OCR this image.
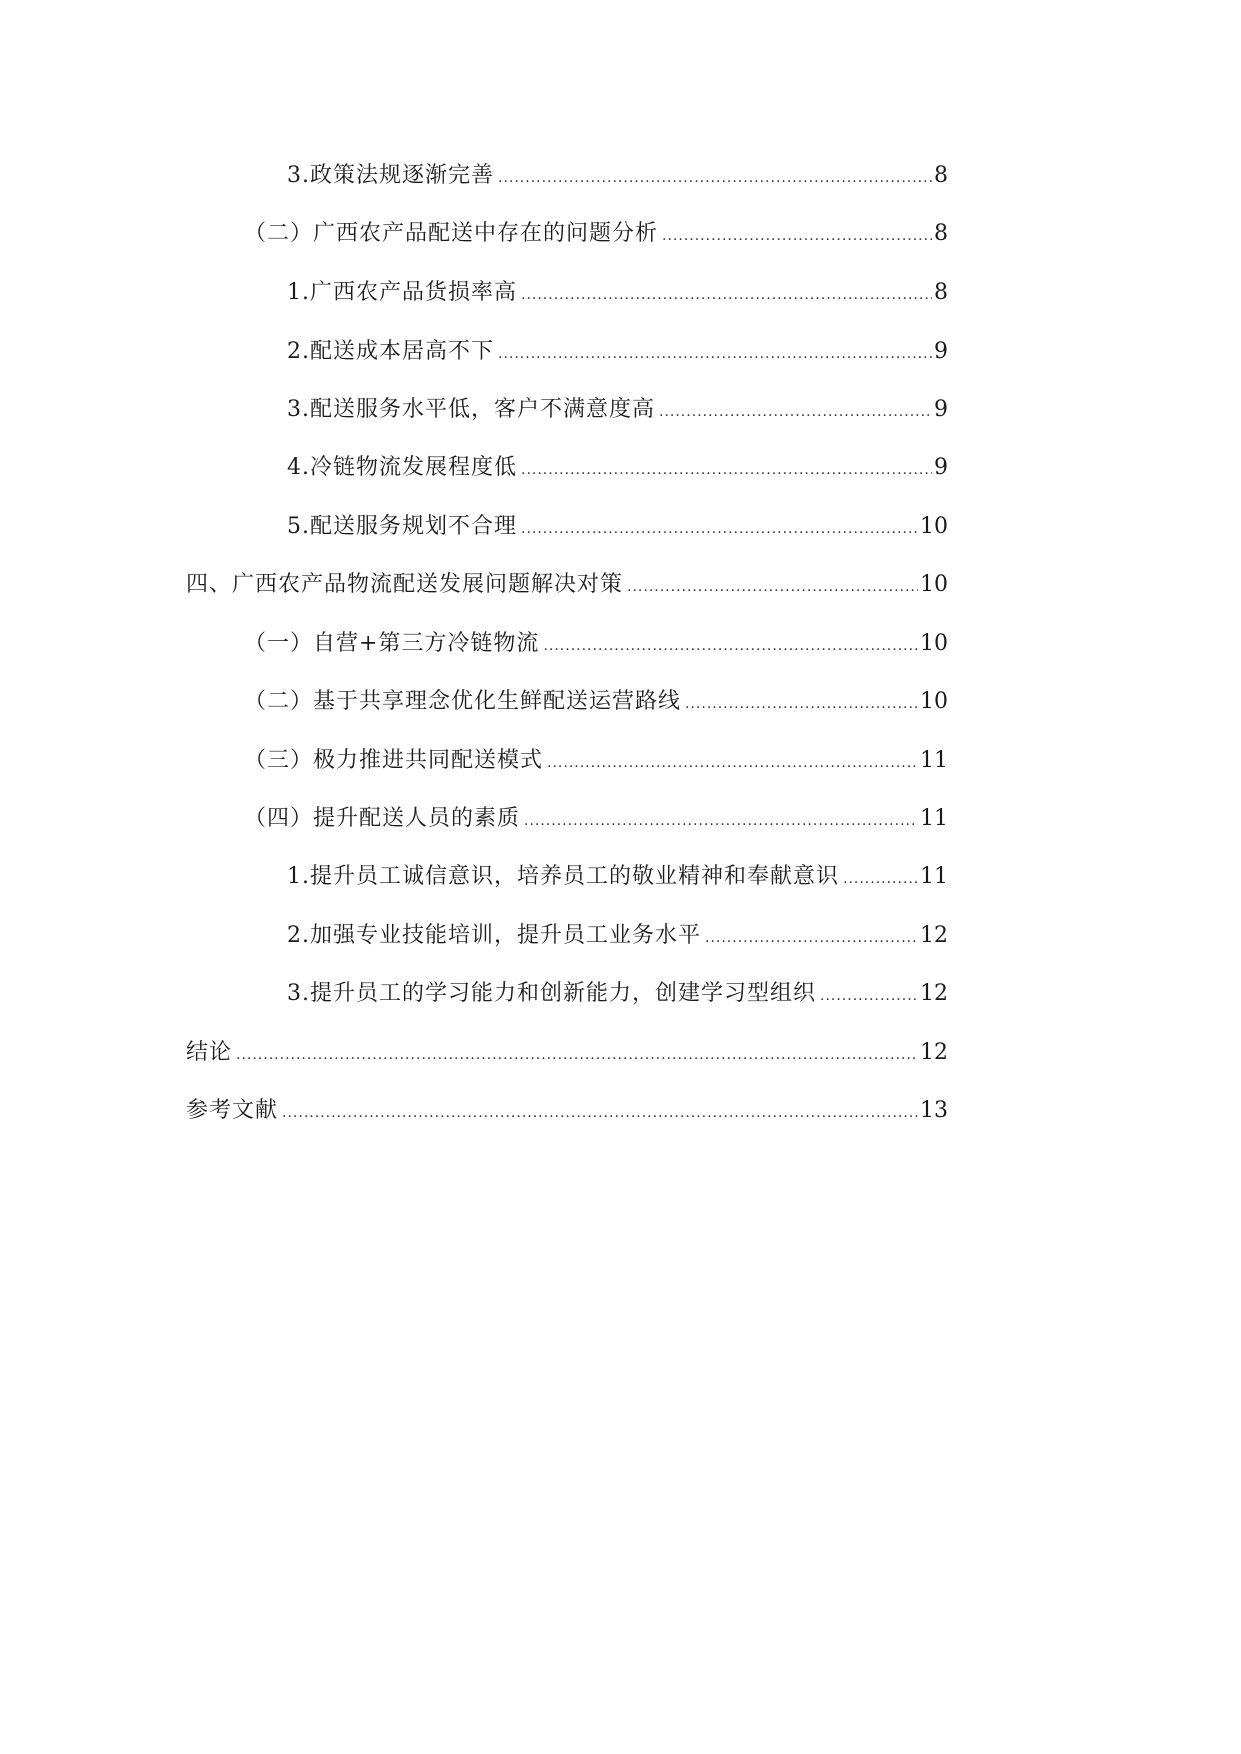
3.政策法规逐渐完善 .....	8
（二）广西农产品配送中存在的问题分析 .....	8
1.广西农产品货损率高 .....	8
2.配送成本居高不下 .....	9
3.配送服务水平低，客户不满意度高 .....	9
4.冷链物流发展程度低 .....	9
5.配送服务规划不合理 .....	10
四、广西农产品物流配送发展问题解决对策 .....	10
（一）自营+第三方冷链物流 .....	10
（二）基于共享理念优化生鲜配送运营路线 .....	10
（三）极力推进共同配送模式 .....	11
（四）提升配送人员的素质 .....	11
1.提升员工诚信意识，培养员工的敬业精神和奉献意识 .....	11
2.加强专业技能培训，提升员工业务水平 .....	12
3.提升员工的学习能力和创新能力，创建学习型组织 .....	12
结论 .....	12
参考文献 .....	13
